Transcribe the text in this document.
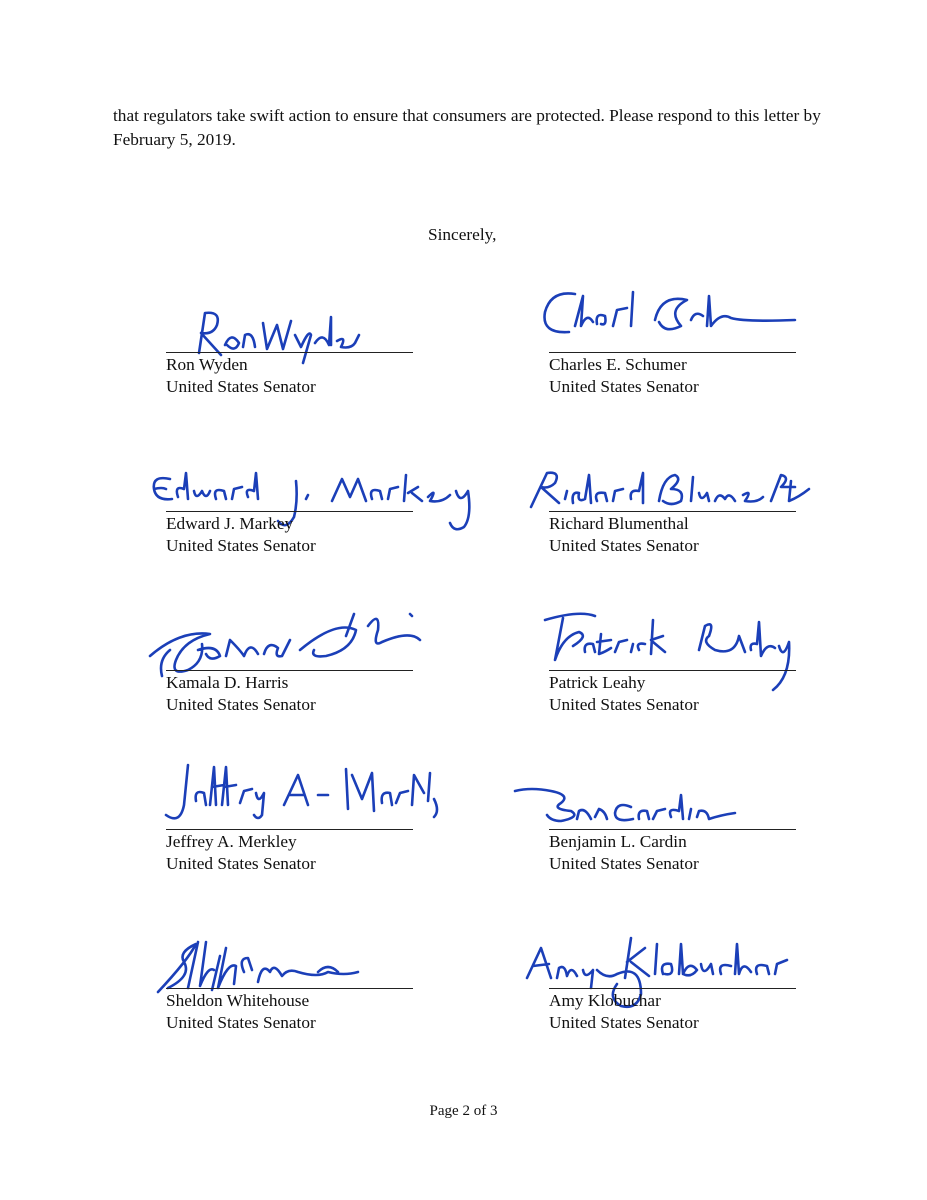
that regulators take swift action to ensure that consumers are protected. Please respond to this letter by February 5, 2019.

Sincerely,
Ron Wyden
United States Senator
Charles E. Schumer
United States Senator
Edward J. Markey
United States Senator
Richard Blumenthal
United States Senator
Kamala D. Harris
United States Senator
Patrick Leahy
United States Senator
Jeffrey A. Merkley
United States Senator
Benjamin L. Cardin
United States Senator
Sheldon Whitehouse
United States Senator
Amy Klobuchar
United States Senator
Page 2 of 3
